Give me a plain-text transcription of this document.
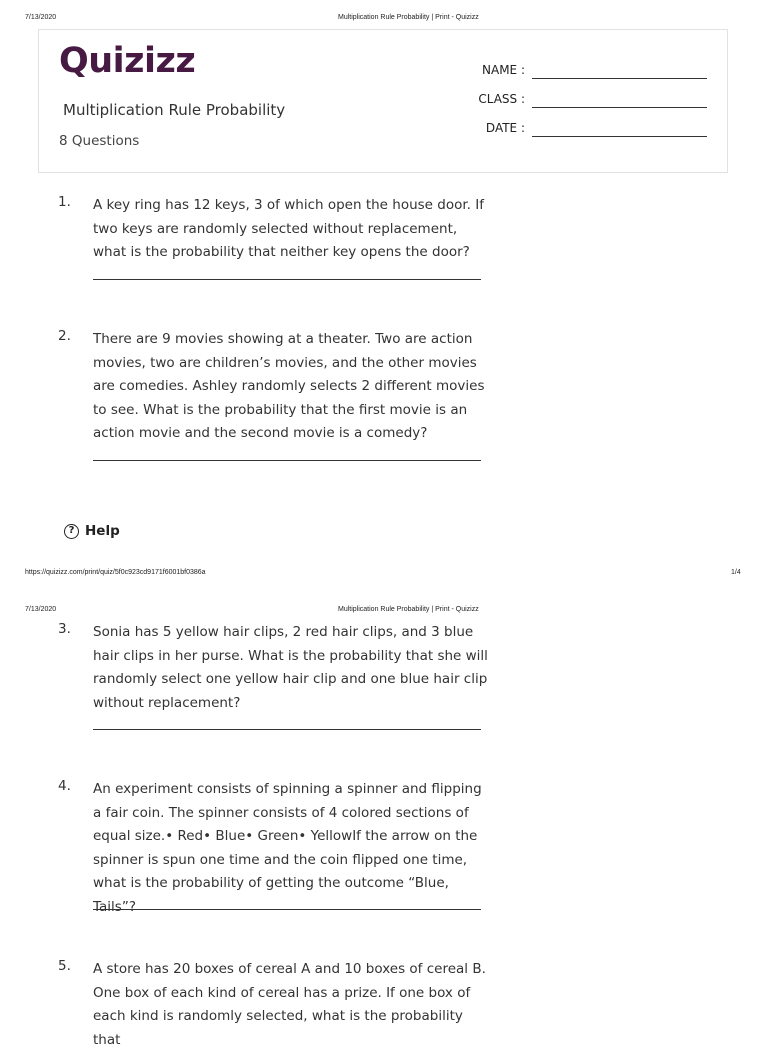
7/13/2020	Multiplication Rule Probability | Print - Quizizz
Quizizz
Multiplication Rule Probability
8 Questions
NAME :
CLASS :
DATE :
1. A key ring has 12 keys, 3 of which open the house door. If two keys are randomly selected without replacement, what is the probability that neither key opens the door?

2. There are 9 movies showing at a theater. Two are action movies, two are children’s movies, and the other movies are comedies. Ashley randomly selects 2 different movies to see. What is the probability that the first movie is an action movie and the second movie is a comedy?

? Help
https://quizizz.com/print/quiz/5f0c923cd9171f6001bf0386a	1/4
7/13/2020	Multiplication Rule Probability | Print - Quizizz
3. Sonia has 5 yellow hair clips, 2 red hair clips, and 3 blue hair clips in her purse. What is the probability that she will randomly select one yellow hair clip and one blue hair clip without replacement?

4. An experiment consists of spinning a spinner and flipping a fair coin. The spinner consists of 4 colored sections of equal size.• Red• Blue• Green• YellowIf the arrow on the spinner is spun one time and the coin flipped one time, what is the probability of getting the outcome “Blue, Tails”?

5. A store has 20 boxes of cereal A and 10 boxes of cereal B. One box of each kind of cereal has a prize. If one box of each kind is randomly selected, what is the probability that
